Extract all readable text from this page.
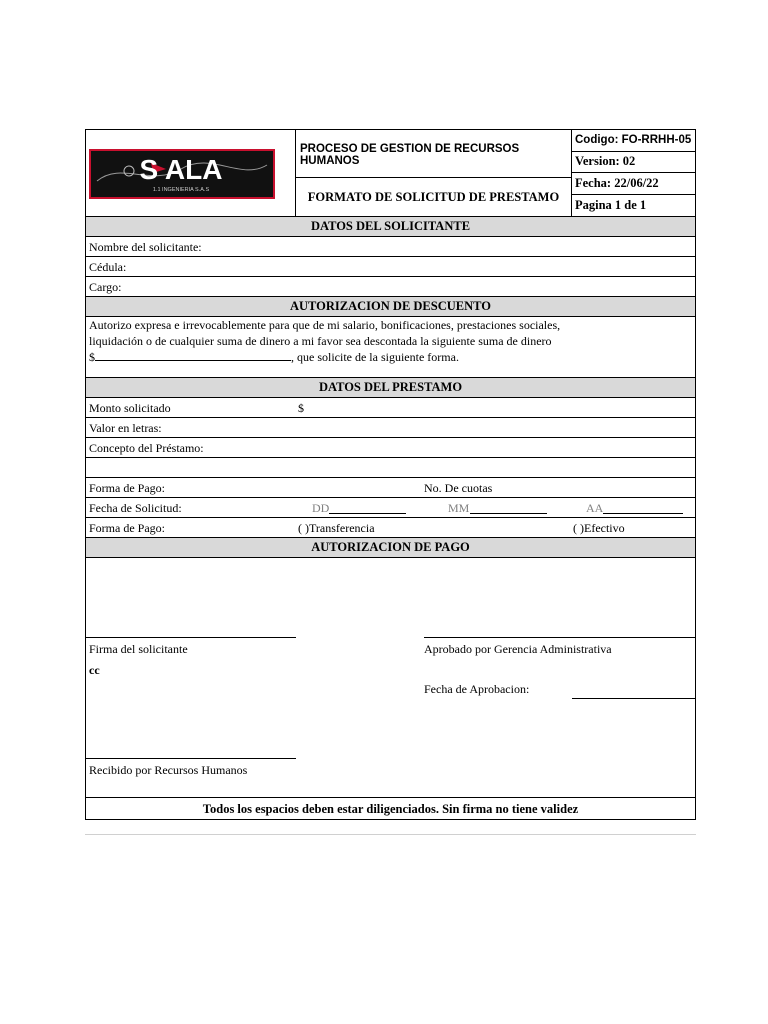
S ALA
1.1 INGENIERIA S.A.S
PROCESO DE GESTION DE RECURSOS HUMANOS
FORMATO DE SOLICITUD DE PRESTAMO
Codigo: FO-RRHH-05
Version: 02
Fecha: 22/06/22
Pagina 1 de 1
DATOS DEL SOLICITANTE
Nombre del solicitante:
Cédula:
Cargo:
AUTORIZACION DE DESCUENTO
Autorizo expresa e irrevocablemente para que de mi salario, bonificaciones, prestaciones sociales,
liquidación o de cualquier suma de dinero a mi favor sea descontada la siguiente suma de dinero
$	, que solicite de la siguiente forma.
DATOS DEL PRESTAMO
Monto solicitado	$
Valor en letras:
Concepto del Préstamo:
Forma de Pago:	No. De cuotas
Fecha de Solicitud:	DD	MM	AA
Forma de Pago:	( )Transferencia	( )Efectivo
AUTORIZACION DE PAGO
Firma del solicitante
cc
Aprobado por Gerencia Administrativa
Fecha de Aprobacion:
Recibido por Recursos Humanos
Todos los espacios deben estar diligenciados. Sin firma no tiene validez
